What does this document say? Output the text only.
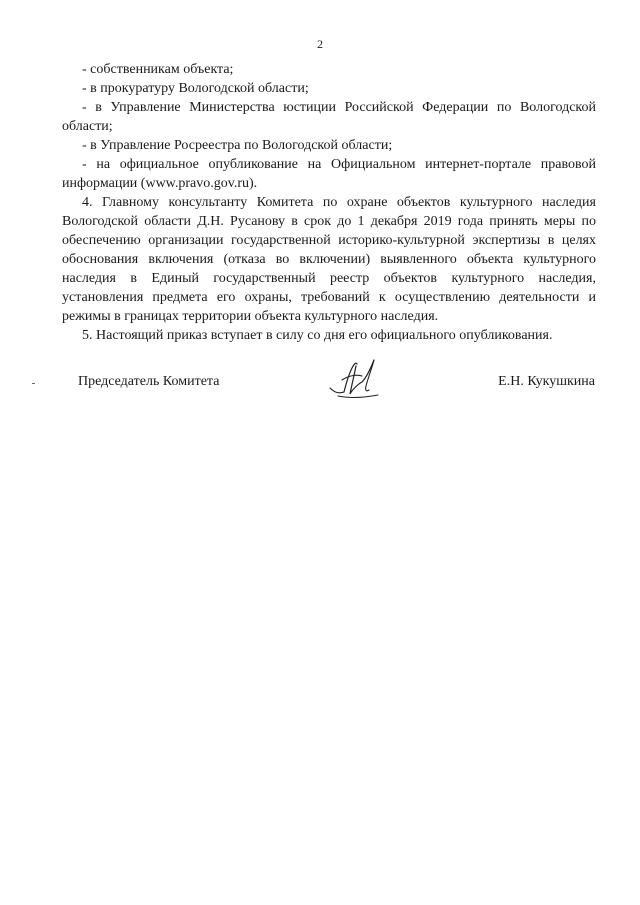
2

- собственникам объекта;

- в прокуратуру Вологодской области;

- в Управление Министерства юстиции Российской Федерации по Вологодской области;

- в Управление Росреестра по Вологодской области;

- на официальное опубликование на Официальном интернет-портале правовой информации (www.pravo.gov.ru).

4. Главному консультанту Комитета по охране объектов культурного наследия Вологодской области Д.Н. Русанову в срок до 1 декабря 2019 года принять меры по обеспечению организации государственной историко-культурной экспертизы в целях обоснования включения (отказа во включении) выявленного объекта культурного наследия в Единый государственный реестр объектов культурного наследия, установления предмета его охраны, требований к осуществлению деятельности и режимы в границах территории объекта культурного наследия.

5. Настоящий приказ вступает в силу со дня его официального опубликования.

Председатель Комитета	Е.Н. Кукушкина
